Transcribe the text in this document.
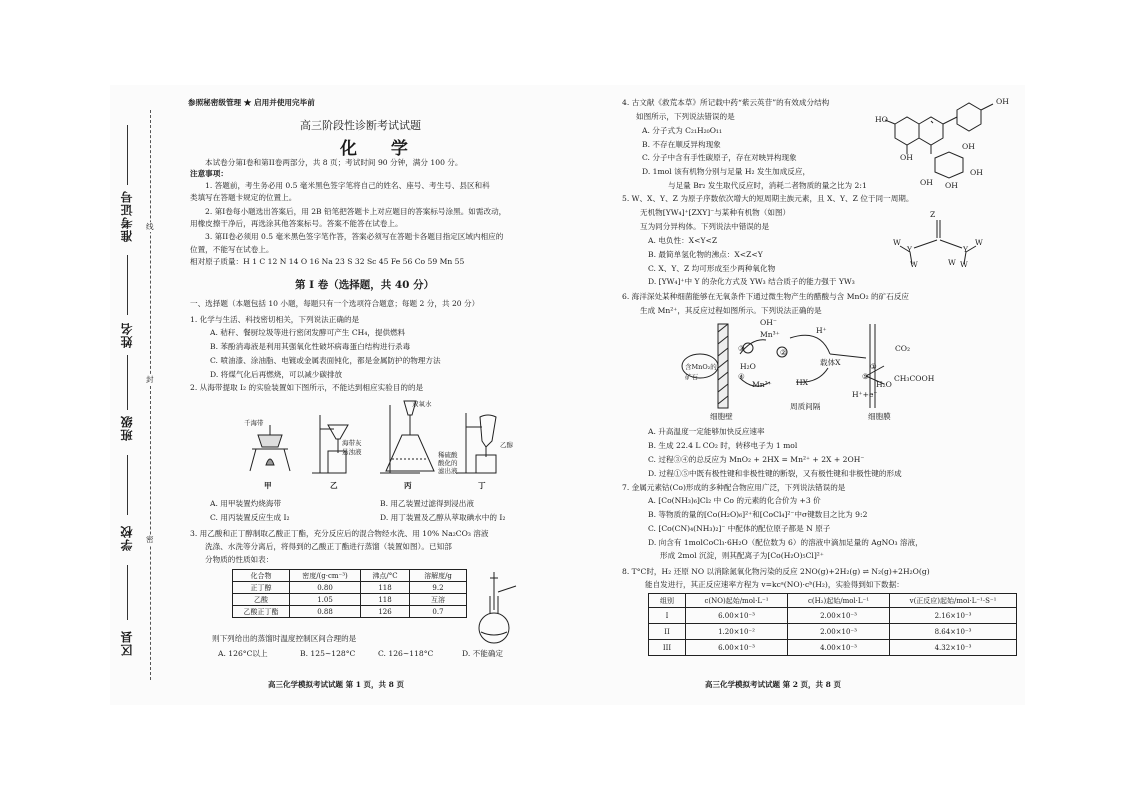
区县
学校
班级
姓名
准考证号
密
封
线
参照秘密级管理 ★ 启用并使用完毕前
高三阶段性诊断考试试题
化 学
本试卷分第I卷和第II卷两部分，共 8 页；考试时间 90 分钟，满分 100 分。
注意事项：
1. 答题前，考生务必用 0.5 毫米黑色签字笔将自己的姓名、座号、考生号、县区和科
类填写在答题卡规定的位置上。
2. 第I卷每小题选出答案后，用 2B 铅笔把答题卡上对应题目的答案标号涂黑。如需改动，
用橡皮擦干净后，再选涂其他答案标号。答案不能答在试卷上。
3. 第II卷必须用 0.5 毫米黑色签字笔作答，答案必须写在答题卡各题目指定区域内相应的
位置，不能写在试卷上。
相对原子质量：H 1 C 12 N 14 O 16 Na 23 S 32 Sc 45 Fe 56 Co 59 Mn 55
第 I 卷（选择题，共 40 分）
一、选择题（本题包括 10 小题，每题只有一个选项符合题意；每题 2 分，共 20 分）
1. 化学与生活、科技密切相关，下列说法正确的是
A. 秸秆、餐厨垃圾等进行密闭发酵可产生 CH₄，提供燃料
B. 苯酚消毒液是利用其强氧化性破坏病毒蛋白结构进行杀毒
C. 喷油漆、涂油脂、电镀或金属表面钝化，都是金属防护的物理方法
D. 将煤气化后再燃烧，可以减少碳排放
2. 从海带提取 I₂ 的实验装置如下图所示，不能达到相应实验目的的是
千海带
海带灰
悬浊液
双氧水
稀硫酸
酸化的
滤出液
乙醇
甲	乙	丙	丁
A. 用甲装置灼烧海带	B. 用乙装置过滤得到浸出液
C. 用丙装置反应生成 I₂	D. 用丁装置及乙醇从萃取碘水中的 I₂
3. 用乙酸和正丁醇制取乙酸正丁酯，充分反应后的混合物经水洗、用 10% Na₂CO₃ 溶液
洗涤、水洗等分离后，将得到的乙酸正丁酯进行蒸馏（装置如图）。已知部
分物质的性质如表：
化合物	密度/(g·cm⁻³)	沸点/°C	溶解度/g
正丁醇	0.80	118	9.2
乙酸	1.05	118	互溶
乙酸正丁酯	0.88	126	0.7
则下列给出的蒸馏时温度控制区间合理的是
A. 126°C以上	B. 125~128°C	C. 126~118°C	D. 不能确定
高三化学模拟考试试题 第 1 页，共 8 页
4. 古文献《救荒本草》所记载中药“紫云英苷”的有效成分结构
如图所示，下列说法错误的是
A. 分子式为 C₂₁H₂₀O₁₁
B. 不存在顺反异构现象
C. 分子中含有手性碳原子，存在对映异构现象
D. 1mol 该有机物分别与足量 H₂ 发生加成反应，
与足量 Br₂ 发生取代反应时，消耗二者物质的量之比为 2:1
OH
HO
OH
OH
OH OH
OH
5. W、X、Y、Z 为原子序数依次增大的短周期主族元素，且 X、Y、Z 位于同一周期。
无机物[YW₄]⁺[ZXY]⁻与某种有机物（如图）
互为同分异构体。下列说法中错误的是
A. 电负性：X<Y<Z
B. 最简单氢化物的沸点：X<Z<Y
C. X、Y、Z 均可形成至少两种氧化物
D. [YW₄]⁺中 Y 的杂化方式及 YW₃ 结合质子的能力强于 YW₃
Z
W
Y	Y
W
W	W
W
6. 海洋深处某种细菌能够在无氧条件下通过微生物产生的醋酸与含 MnO₂ 的矿石反应
生成 Mn²⁺，其反应过程如图所示。下列说法正确的是
OH⁻
Mn³⁺	H⁺
CO₂
含MnO₂的矿石
H₂O
Mn²⁺
载体X
HX
H⁺+e⁻
H₂O
CH₃COOH
细胞壁
周质间隔
细胞膜
①
②
③
④	⑤
A. 升高温度一定能够加快反应速率
B. 生成 22.4 L CO₂ 时，转移电子为 1 mol
C. 过程③④的总反应为 MnO₂ + 2HX = Mn²⁺ + 2X + 2OH⁻
D. 过程①⑤中既有极性键和非极性键的断裂，又有极性键和非极性键的形成
7. 金属元素钴(Co)形成的多种配合物应用广泛，下列说法错误的是
A. [Co(NH₃)₆]Cl₂ 中 Co 的元素的化合价为 +3 价
B. 等物质的量的[Co(H₂O)₆]²⁺和[CoCl₄]²⁻中σ键数目之比为 9:2
C. [Co(CN)₄(NH₃)₂]⁻ 中配体的配位原子都是 N 原子
D. 向含有 1molCoCl₃·6H₂O（配位数为 6）的溶液中滴加足量的 AgNO₃ 溶液，
形成 2mol 沉淀，则其配离子为[Co(H₂O)₅Cl]²⁺
8. T°C时，H₂ 还原 NO 以消除氮氧化物污染的反应 2NO(g)+2H₂(g) ⇌ N₂(g)+2H₂O(g)
能自发进行，其正反应速率方程为 v=kcᵃ(NO)·cᵇ(H₂)，实验得到如下数据：
组别	c(NO)起始/mol·L⁻¹	c(H₂)起始/mol·L⁻¹	v(正反应)起始/mol·L⁻¹·S⁻¹
I	6.00×10⁻³	2.00×10⁻³	2.16×10⁻³
II	1.20×10⁻²	2.00×10⁻³	8.64×10⁻³
III	6.00×10⁻³	4.00×10⁻³	4.32×10⁻³
高三化学模拟考试试题 第 2 页，共 8 页
